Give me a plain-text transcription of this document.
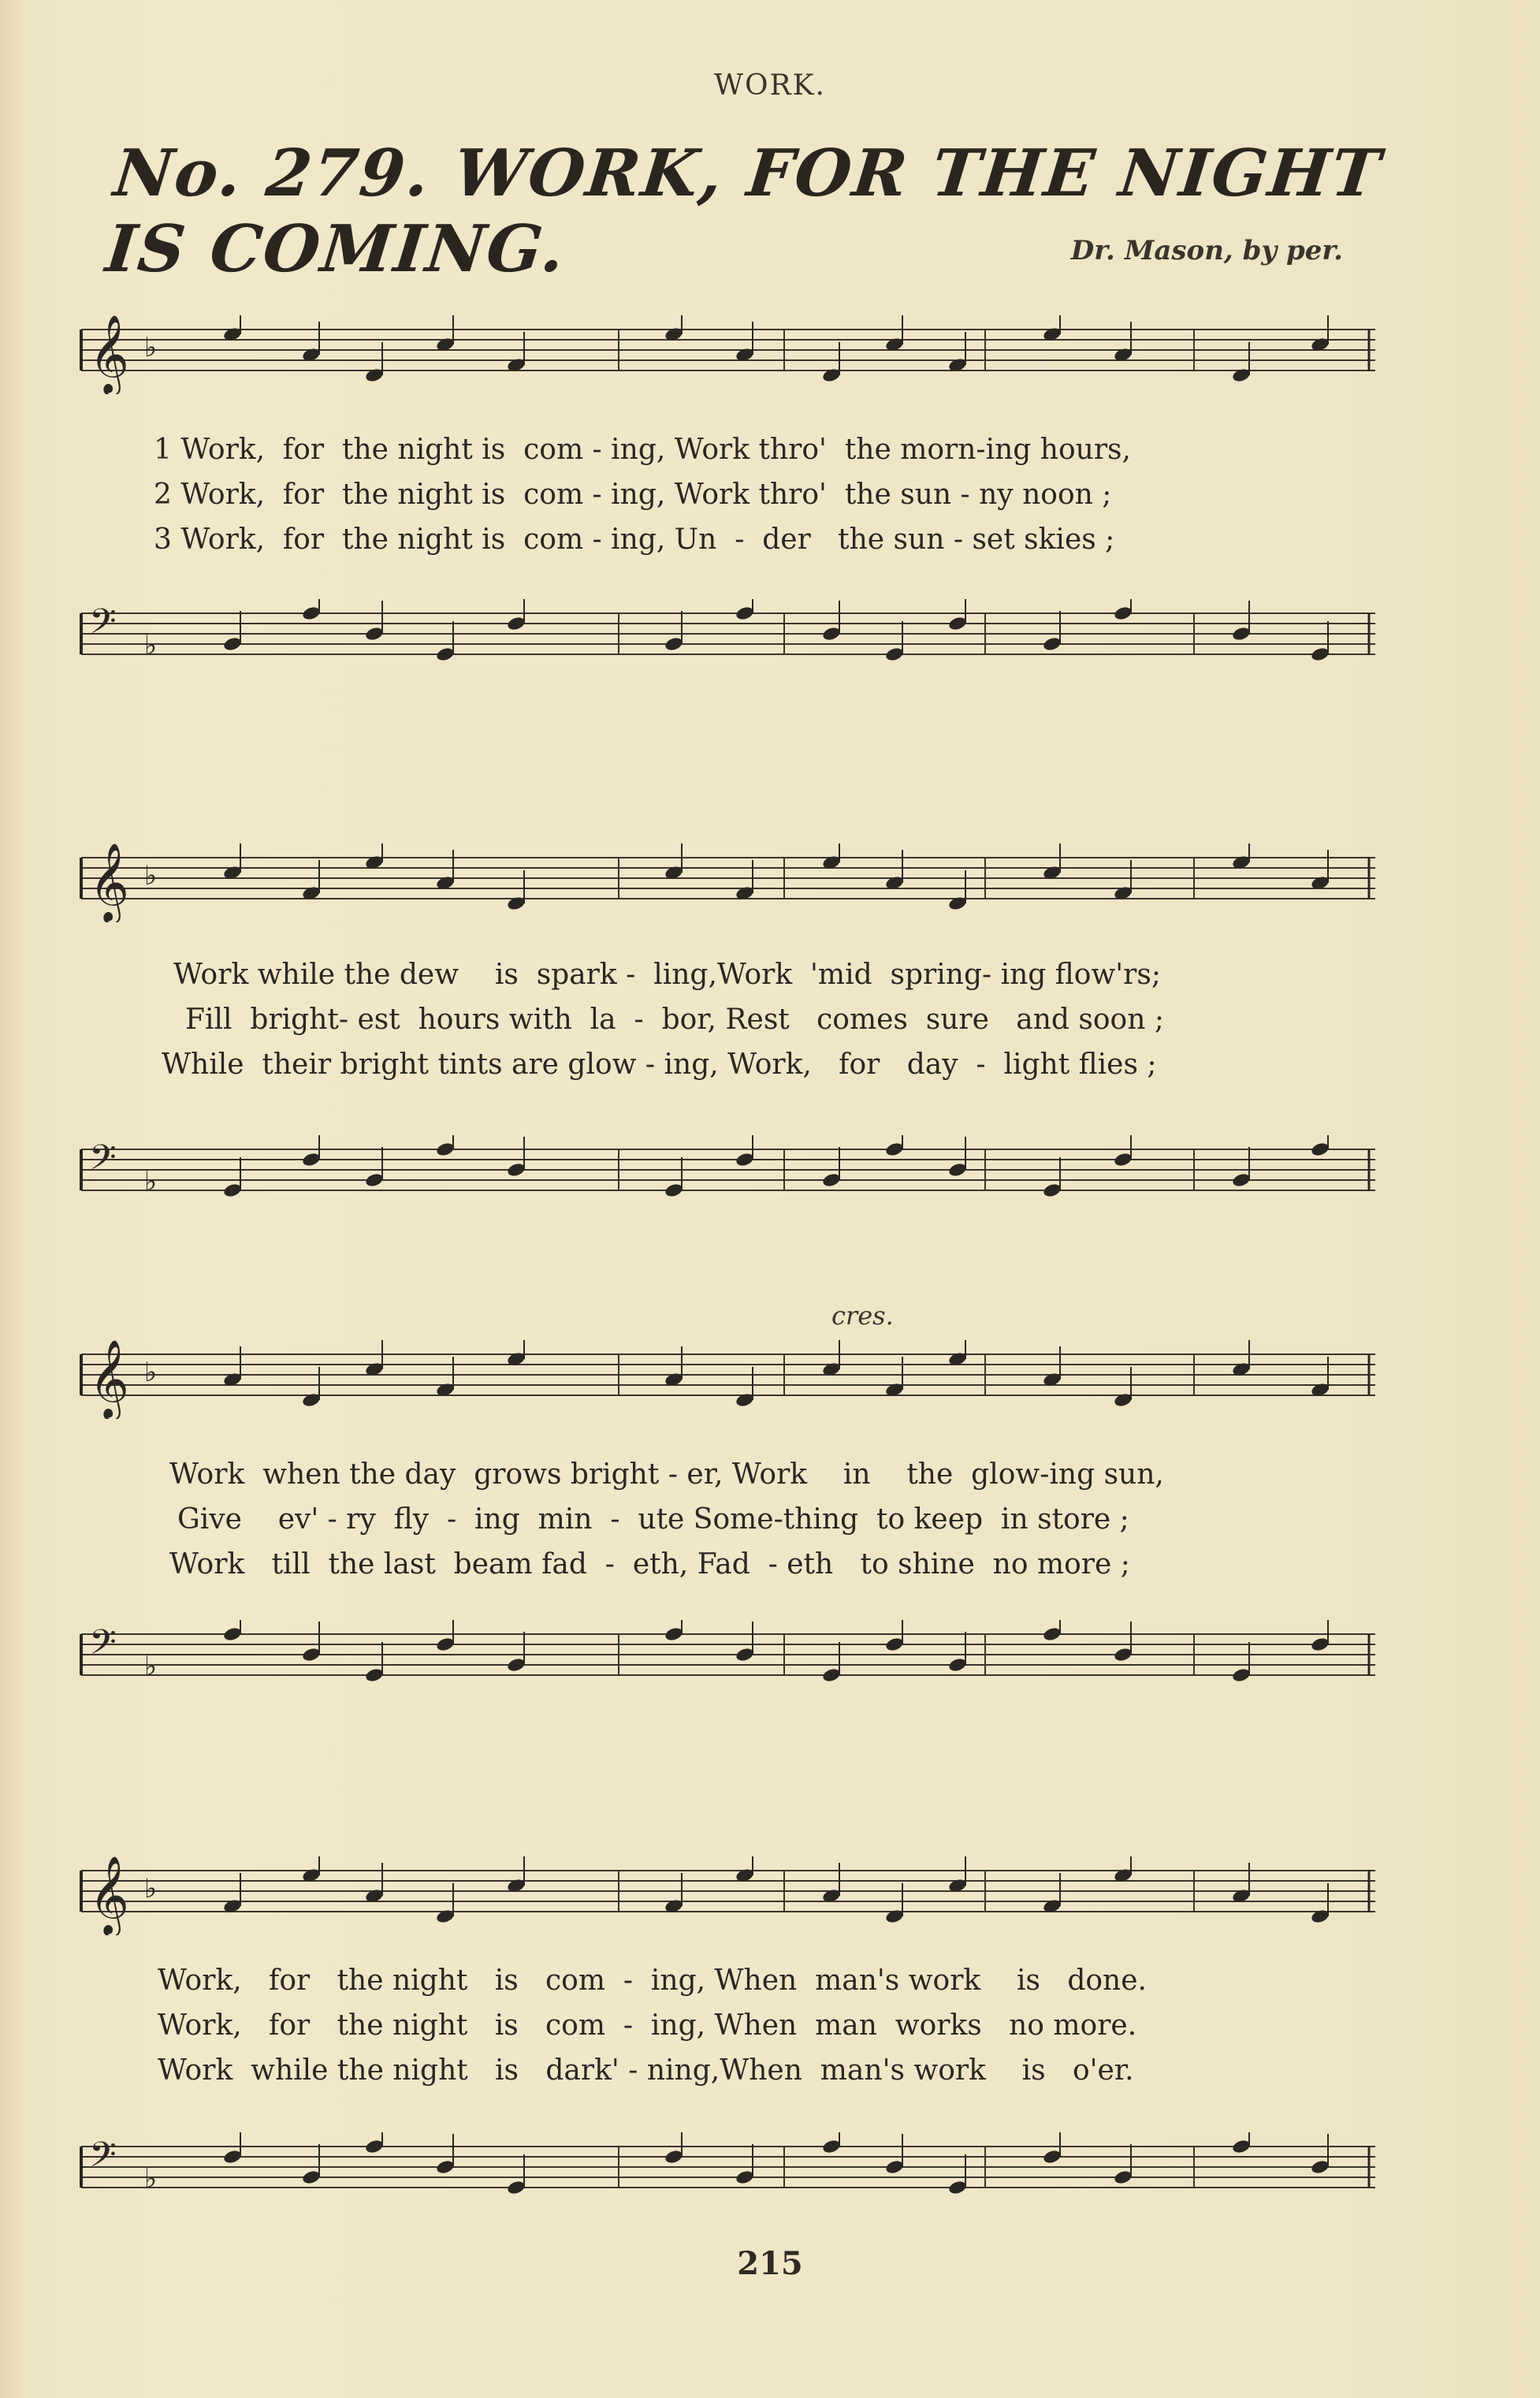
WORK.
No. 279. WORK, FOR THE NIGHT IS COMING.	Dr. Mason, by per.
𝄞 ♭
1 Work,  for  the night is  com - ing, Work thro'  the morn-ing hours,
2 Work,  for  the night is  com - ing, Work thro'  the sun - ny noon ;
3 Work,  for  the night is  com - ing, Un  -  der   the sun - set skies ;
𝄢 ♭
𝄞 ♭
Work while the dew    is  spark -  ling,Work  'mid  spring- ing flow'rs;
Fill  bright- est  hours with  la  -  bor, Rest   comes  sure   and soon ;
While  their bright tints are glow - ing, Work,   for   day  -  light flies ;
𝄢 ♭
cres.
𝄞 ♭
Work  when the day  grows bright - er, Work    in    the  glow-ing sun,
Give    ev' - ry  fly  -  ing  min  -  ute Some-thing  to keep  in store ;
Work   till  the last  beam fad  -  eth, Fad  - eth   to shine  no more ;
𝄢 ♭
𝄞 ♭
Work,   for   the night   is   com  -  ing, When  man's work    is   done.
Work,   for   the night   is   com  -  ing, When  man  works   no more.
Work  while the night   is   dark' - ning,When  man's work    is   o'er.
𝄢 ♭
215
